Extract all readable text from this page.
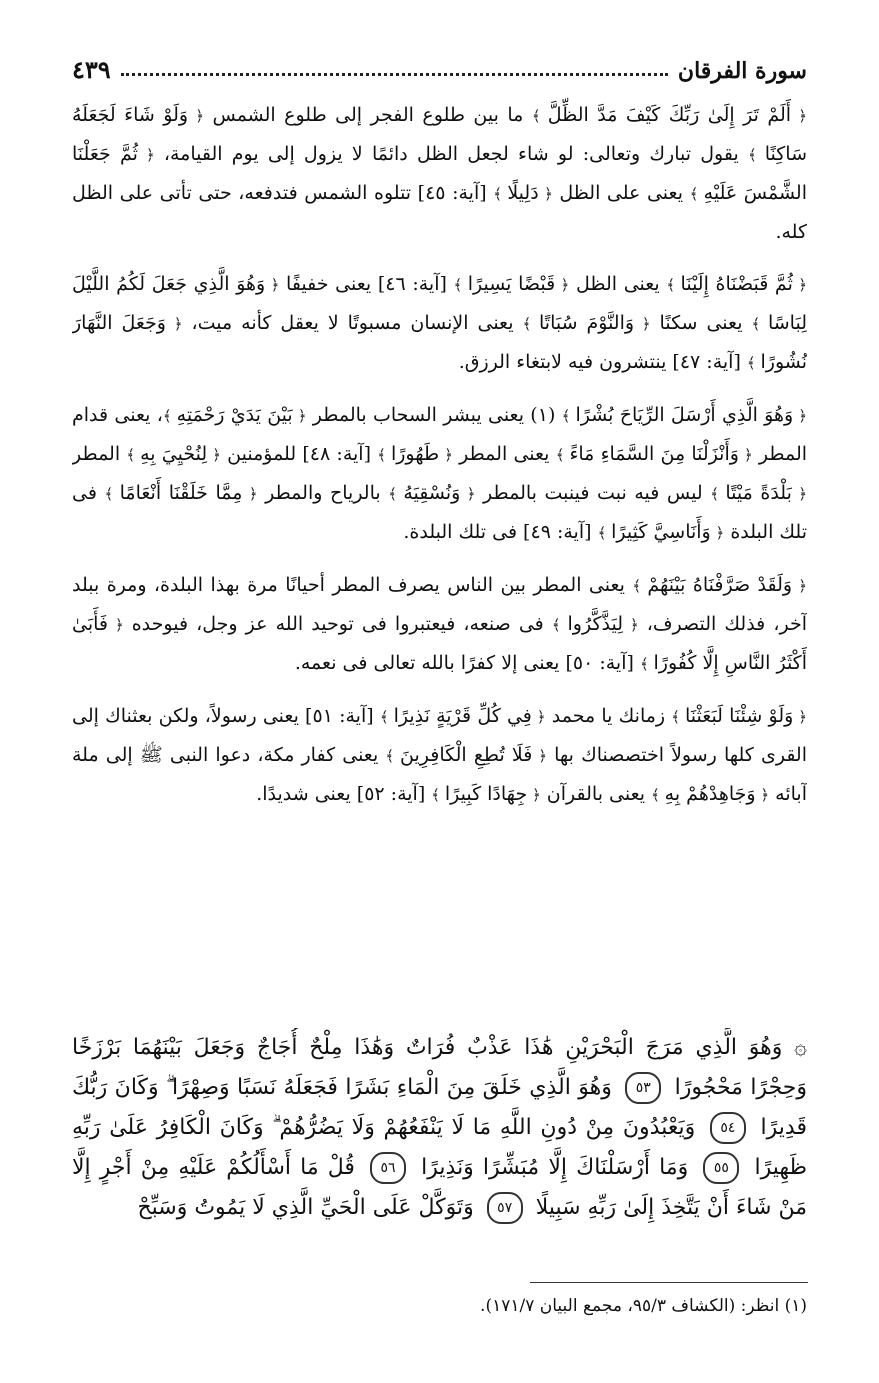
سورة الفرقان
٤٣٩

﴿ أَلَمْ تَرَ إِلَىٰ رَبِّكَ كَيْفَ مَدَّ الظِّلَّ ﴾ ما بين طلوع الفجر إلى طلوع الشمس ﴿ وَلَوْ شَاءَ لَجَعَلَهُ سَاكِنًا ﴾ يقول تبارك وتعالى: لو شاء لجعل الظل دائمًا لا يزول إلى يوم القيامة، ﴿ ثُمَّ جَعَلْنَا الشَّمْسَ عَلَيْهِ ﴾ يعنى على الظل ﴿ دَلِيلًا ﴾ [آية: ٤٥] تتلوه الشمس فتدفعه، حتى تأتى على الظل كله.

﴿ ثُمَّ قَبَضْنَاهُ إِلَيْنَا ﴾ يعنى الظل ﴿ قَبْضًا يَسِيرًا ﴾ [آية: ٤٦] يعنى خفيفًا ﴿ وَهُوَ الَّذِي جَعَلَ لَكُمُ اللَّيْلَ لِبَاسًا ﴾ يعنى سكنًا ﴿ وَالنَّوْمَ سُبَاتًا ﴾ يعنى الإنسان مسبوتًا لا يعقل كأنه ميت، ﴿ وَجَعَلَ النَّهَارَ نُشُورًا ﴾ [آية: ٤٧] ينتشرون فيه لابتغاء الرزق.

﴿ وَهُوَ الَّذِي أَرْسَلَ الرِّيَاحَ بُشْرًا ﴾ (١) يعنى يبشر السحاب بالمطر ﴿ بَيْنَ يَدَيْ رَحْمَتِهِ ﴾، يعنى قدام المطر ﴿ وَأَنْزَلْنَا مِنَ السَّمَاءِ مَاءً ﴾ يعنى المطر ﴿ طَهُورًا ﴾ [آية: ٤٨] للمؤمنين ﴿ لِنُحْيِيَ بِهِ ﴾ المطر ﴿ بَلْدَةً مَيْتًا ﴾ ليس فيه نبت فينبت بالمطر ﴿ وَنُسْقِيَهُ ﴾ بالرياح والمطر ﴿ مِمَّا خَلَقْنَا أَنْعَامًا ﴾ فى تلك البلدة ﴿ وَأَنَاسِيَّ كَثِيرًا ﴾ [آية: ٤٩] فى تلك البلدة.

﴿ وَلَقَدْ صَرَّفْنَاهُ بَيْنَهُمْ ﴾ يعنى المطر بين الناس يصرف المطر أحيانًا مرة بهذا البلدة، ومرة ببلد آخر، فذلك التصرف، ﴿ لِيَذَّكَّرُوا ﴾ فى صنعه، فيعتبروا فى توحيد الله عز وجل، فيوحده ﴿ فَأَبَىٰ أَكْثَرُ النَّاسِ إِلَّا كُفُورًا ﴾ [آية: ٥٠] يعنى إلا كفرًا بالله تعالى فى نعمه.

﴿ وَلَوْ شِئْنَا لَبَعَثْنَا ﴾ زمانك يا محمد ﴿ فِي كُلِّ قَرْيَةٍ نَذِيرًا ﴾ [آية: ٥١] يعنى رسولاً، ولكن بعثناك إلى القرى كلها رسولاً اختصصناك بها ﴿ فَلَا تُطِعِ الْكَافِرِينَ ﴾ يعنى كفار مكة، دعوا النبى ﷺ إلى ملة آبائه ﴿ وَجَاهِدْهُمْ بِهِ ﴾ يعنى بالقرآن ﴿ جِهَادًا كَبِيرًا ﴾ [آية: ٥٢] يعنى شديدًا.

۞ وَهُوَ الَّذِي مَرَجَ الْبَحْرَيْنِ هَٰذَا عَذْبٌ فُرَاتٌ وَهَٰذَا مِلْحٌ أُجَاجٌ وَجَعَلَ بَيْنَهُمَا بَرْزَخًا وَحِجْرًا مَحْجُورًا ٥٣ وَهُوَ الَّذِي خَلَقَ مِنَ الْمَاءِ بَشَرًا فَجَعَلَهُ نَسَبًا وَصِهْرًا ۗ وَكَانَ رَبُّكَ قَدِيرًا ٥٤ وَيَعْبُدُونَ مِنْ دُونِ اللَّهِ مَا لَا يَنْفَعُهُمْ وَلَا يَضُرُّهُمْ ۗ وَكَانَ الْكَافِرُ عَلَىٰ رَبِّهِ ظَهِيرًا ٥٥ وَمَا أَرْسَلْنَاكَ إِلَّا مُبَشِّرًا وَنَذِيرًا ٥٦ قُلْ مَا أَسْأَلُكُمْ عَلَيْهِ مِنْ أَجْرٍ إِلَّا مَنْ شَاءَ أَنْ يَتَّخِذَ إِلَىٰ رَبِّهِ سَبِيلًا ٥٧ وَتَوَكَّلْ عَلَى الْحَيِّ الَّذِي لَا يَمُوتُ وَسَبِّحْ
(١) انظر: (الكشاف ٩٥/٣، مجمع البيان ١٧١/٧).
